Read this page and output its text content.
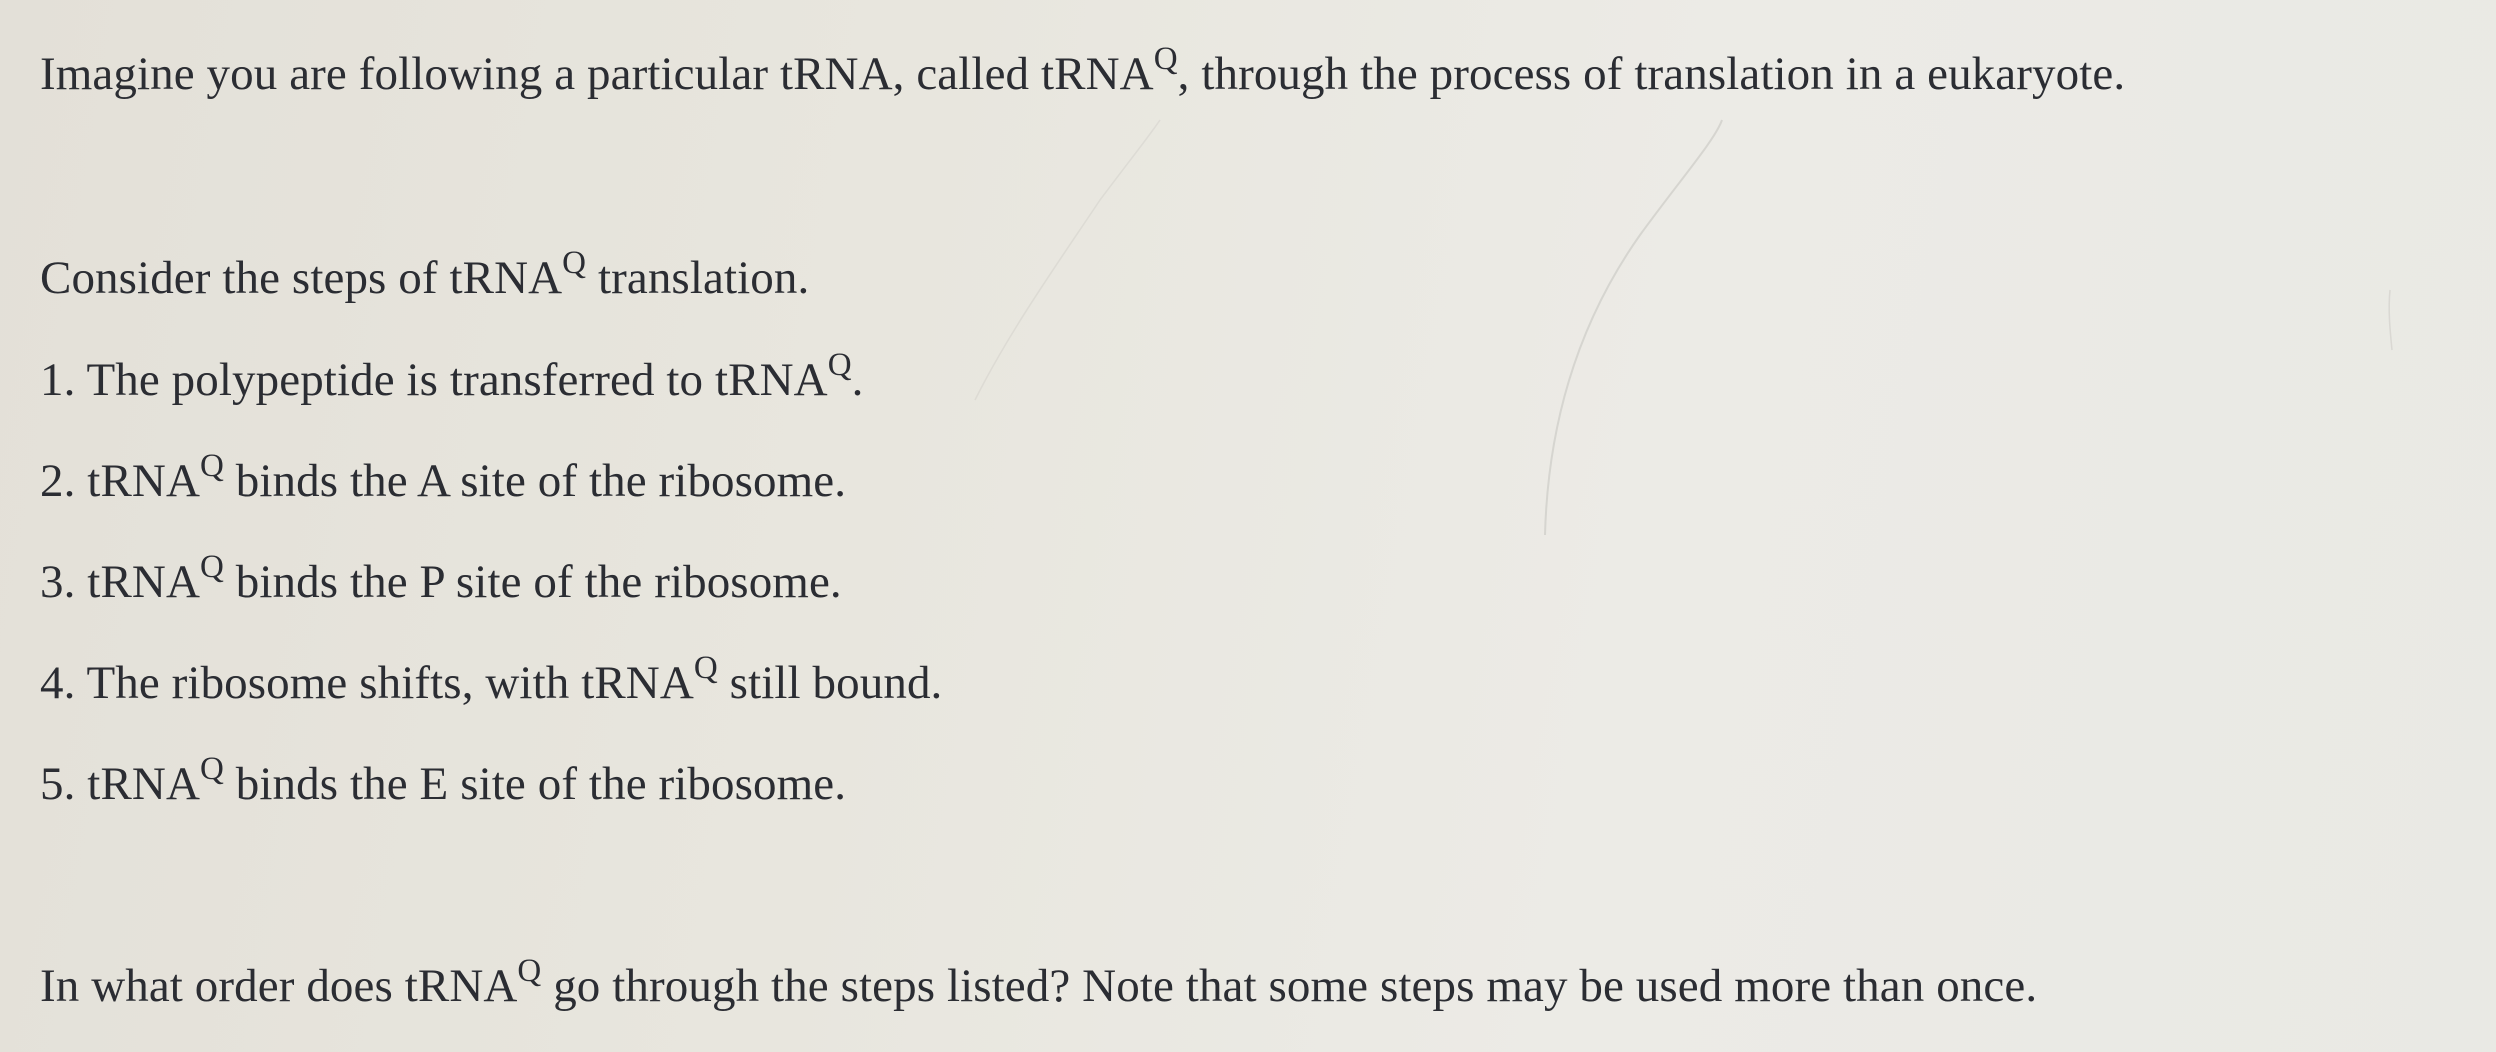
Imagine you are following a particular tRNA, called tRNA$^Q$, through the process of translation in a eukaryote.
Consider the steps of tRNA$^Q$ translation.
1. The polypeptide is transferred to tRNA$^Q$.
2. tRNA$^Q$ binds the A site of the ribosome.
3. tRNA$^Q$ binds the P site of the ribosome.
4. The ribosome shifts, with tRNA$^Q$ still bound.
5. tRNA$^Q$ binds the E site of the ribosome.
In what order does tRNA$^Q$ go through the steps listed? Note that some steps may be used more than once.
